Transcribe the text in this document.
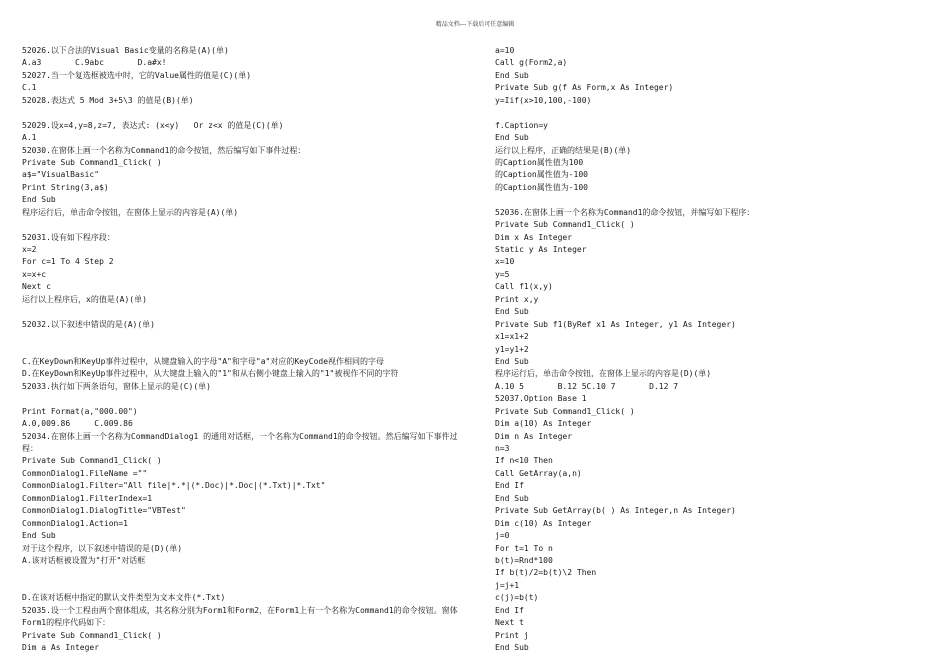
精品文档---下载后可任意编辑
52026.以下合法的Visual Basic变量的名称是(A)(单)
A.a3       C.9abc       D.a#x!
52027.当一个复选框被选中时，它的Value属性的值是(C)(单)
C.1
52028.表达式 5 Mod 3+5\3 的值是(B)(单)
52029.设x=4,y=8,z=7, 表达式: (x<y)   Or z<x 的值是(C)(单)
A.1
52030.在窗体上画一个名称为Command1的命令按钮，然后编写如下事件过程：
Private Sub Command1_Click( )
a$="VisualBasic"
Print String(3,a$)
End Sub
程序运行后，单击命令按钮，在窗体上显示的内容是(A)(单)
52031.设有如下程序段：
x=2
For c=1 To 4 Step 2
x=x+c
Next c
运行以上程序后，x的值是(A)(单)
52032.以下叙述中错误的是(A)(单)
C.在KeyDown和KeyUp事件过程中，从键盘输入的字母"A"和字母"a"对应的KeyCode视作相同的字母
D.在KeyDown和KeyUp事件过程中，从大键盘上输入的"1"和从右侧小键盘上输入的"1"被视作不同的字符
52033.执行如下两条语句，窗体上显示的是(C)(单)
Print Format(a,"000.00")
A.0,009.86     C.009.86
52034.在窗体上画一个名称为CommandDialog1 的通用对话框，一个名称为Command1的命令按钮。然后编写如下事件过
程：
Private Sub Command1_Click( )
CommonDialog1.FileName =""
CommonDialog1.Filter="All file|*.*|(*.Doc)|*.Doc|(*.Txt)|*.Txt"
CommonDialog1.FilterIndex=1
CommonDialog1.DialogTitle="VBTest"
CommonDialog1.Action=1
End Sub
对于这个程序，以下叙述中错误的是(D)(单)
A.该对话框被设置为"打开"对话框
D.在该对话框中指定的默认文件类型为文本文件(*.Txt)
52035.设一个工程由两个窗体组成，其名称分别为Form1和Form2，在Form1上有一个名称为Command1的命令按钮。窗体
Form1的程序代码如下：
Private Sub Command1_Click( )
Dim a As Integer
a=10
Call g(Form2,a)
End Sub
Private Sub g(f As Form,x As Integer)
y=Iif(x>10,100,-100)
f.Caption=y
End Sub
运行以上程序，正确的结果是(B)(单)
的Caption属性值为100
的Caption属性值为-100
的Caption属性值为-100
52036.在窗体上画一个名称为Command1的命令按钮，并编写如下程序：
Private Sub Command1_Click( )
Dim x As Integer
Static y As Integer
x=10
y=5
Call f1(x,y)
Print x,y
End Sub
Private Sub f1(ByRef x1 As Integer, y1 As Integer)
x1=x1+2
y1=y1+2
End Sub
程序运行后，单击命令按钮，在窗体上显示的内容是(D)(单)
A.10 5       B.12 5C.10 7       D.12 7
52037.Option Base 1
Private Sub Command1_Click( )
Dim a(10) As Integer
Dim n As Integer
n=3
If n<10 Then
Call GetArray(a,n)
End If
End Sub
Private Sub GetArray(b( ) As Integer,n As Integer)
Dim c(10) As Integer
j=0
For t=1 To n
b(t)=Rnd*100
If b(t)/2=b(t)\2 Then
j=j+1
c(j)=b(t)
End If
Next t
Print j
End Sub
